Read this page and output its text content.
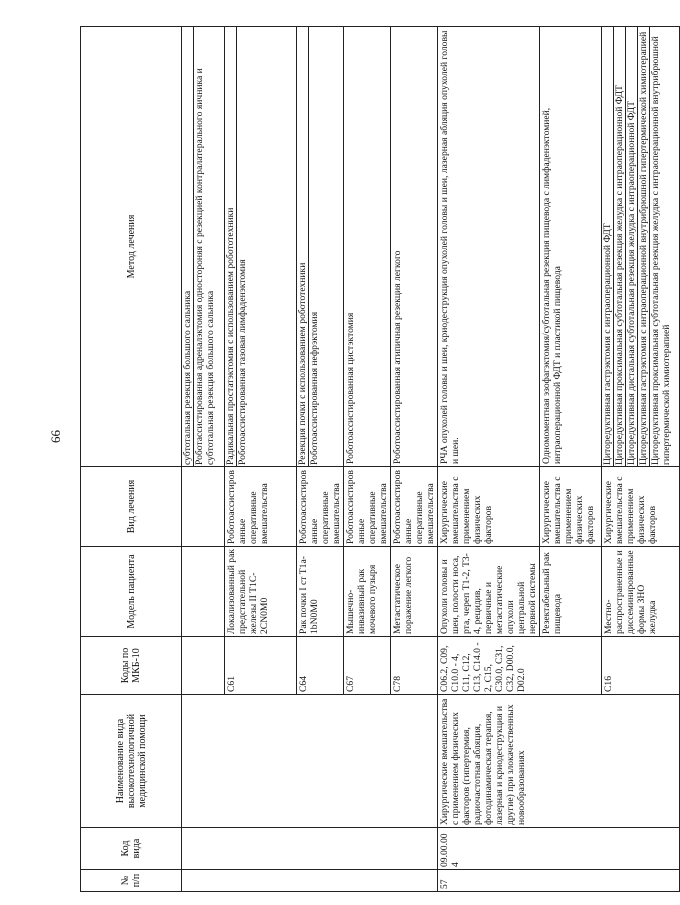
66
№ п/п	Код вида	Наименование вида высокотехнологичной медицинской помощи	Коды по МКБ-10	Модель пациента	Вид лечения	Метод лечения

						субтотальная резекция большого сальника Роботассистированная адреналэктомия одностороняя с резекцией контралатерального яичника и субтотальная резекция большого сальника

			C61	Локализованный рак предстательной железы II T1C-2CN0M0	Роботоассистированные оперативные вмешательства	Радикальная простатэктомия с использованием робототехники Роботоассистированная тазовая лимфаденэктомия

			C64	Рак почки I ст T1a-1bN0M0	Роботоассистированные оперативные вмешательства	Резекция почки с использованием робототехники Роботоассистированная нефрэктомия

			C67	Мышечно-инвазивный рак мочевого пузыря	Роботоассистированные оперативные вмешательства	Роботоассистированная цистэктомия
			C78	Метастатическое поражение легкого	Роботоассистированные оперативные вмешательства	Роботоассистированная атипичная резекция легкого
57	09.00.004	Хирургические вмешательства с применением физических факторов (гипертермия, радиочастотная абляция, фотодинамическая терапия, лазерная и криодеструкция и другие) при злокачественных новообразованиях	C06.2, C09, C10.0 - 4, C11, C12, C13, C14.0 - 2, C15, C30.0, C31, C32, D00.0, D02.0	Опухоли головы и шеи, полости носа, рта, череп T1-2, T3-4, рецидив, первичные и метастатические опухоли центральной нервной системы	Хирургические вмешательства с применением физических факторов	РЧА опухолей головы и шеи, криодеструкция опухолей головы и шеи, лазерная абляция опухолей головы и шеи.
				Резектабельный рак пищевода	Хирургические вмешательства с применением физических факторов	Одномоментная эзофагэктомия/субтотальная резекция пищевода с лимфаденэктомией, интраоперационной ФДТ и пластикой пищевода
			C16	Местно-распространенные и диссеминированные формы ЗНО желудка	Хирургические вмешательства с применением физических факторов	Циторедуктивная гастрэктомия с интраоперационной ФДТ Циторедуктивная проксимальная субтотальная резекция желудка с интраоперационной ФДТ Циторедуктивная дистальная субтотальная резекция желудка с интраоперационной ФДТ Циторедуктивная гастрэктомия с интраоперационной внутрибрюшной гипертермической химиотерапией Циторедуктивная проксимальная субтотальная резекция желудка с интраоперационной внутрибрюшной гипертермической химиотерапией
